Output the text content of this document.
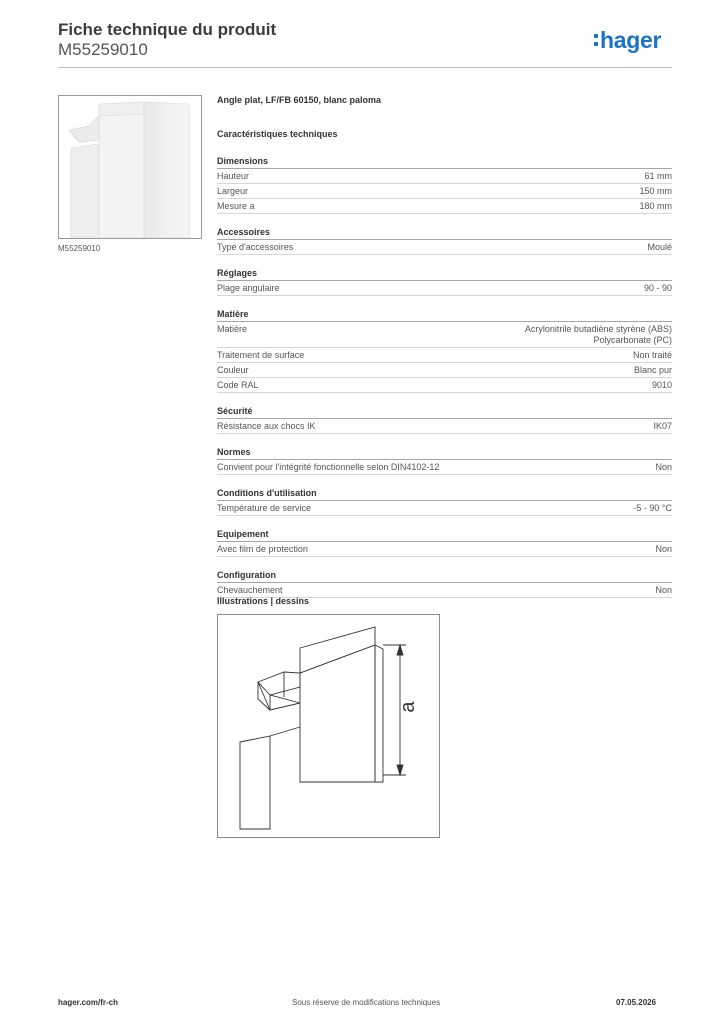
Fiche technique du produit
M55259010	hager
M55259010
Angle plat, LF/FB 60150, blanc paloma
Caractéristiques techniques
Dimensions
Hauteur	61 mm
Largeur	150 mm
Mesure a	180 mm
Accessoires
Type d'accessoires	Moulé
Réglages
Plage angulaire	90 - 90
Matière
Matière	Acrylonitrile butadiène styrène (ABS)
Polycarbonate (PC)
Traitement de surface	Non traité
Couleur	Blanc pur
Code RAL	9010
Sécurité
Résistance aux chocs IK	IK07
Normes
Convient pour l'intégrité fonctionnelle selon DIN4102-12	Non
Conditions d'utilisation
Température de service	-5 - 90 °C
Equipement
Avec film de protection	Non
Configuration
Chevauchement	Non
Illustrations | dessins
a
hager.com/fr-ch	Sous réserve de modifications techniques	07.05.2026
